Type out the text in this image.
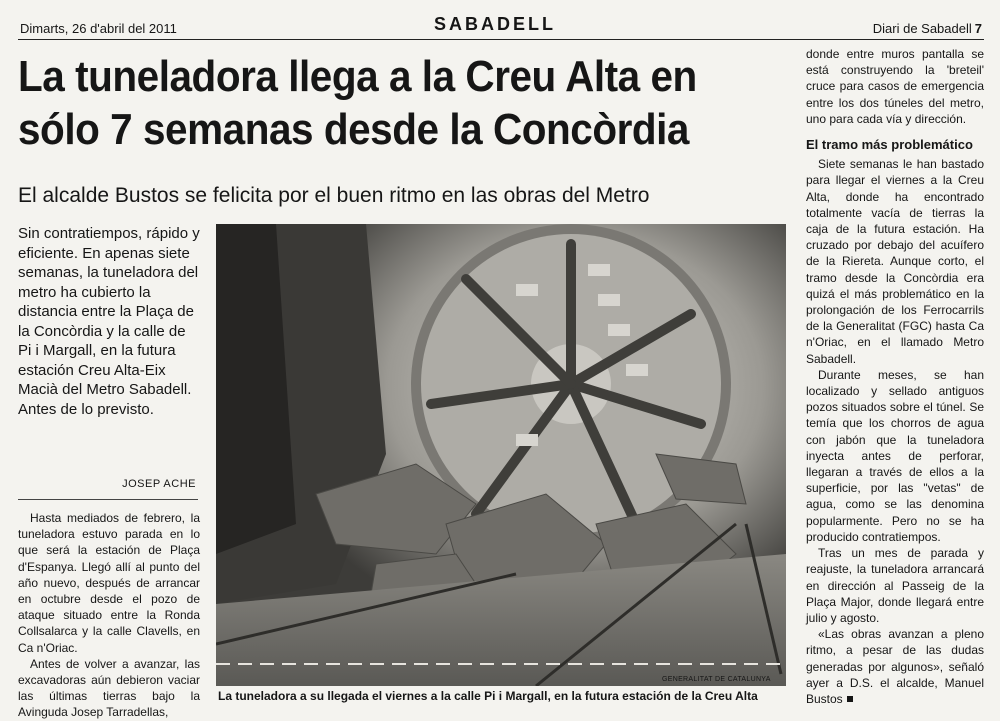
Dimarts, 26 d'abril del 2011	SABADELL	Diari de Sabadell 7
La tuneladora llega a la Creu Alta en
sólo 7 semanas desde la Concòrdia
El alcalde Bustos se felicita por el buen ritmo en las obras del Metro
Sin contratiempos, rápido y eficiente. En apenas siete semanas, la tuneladora del metro ha cubierto la distancia entre la Plaça de la Concòrdia y la calle de Pi i Margall, en la futura estación Creu Alta-Eix Macià del Metro Sabadell. Antes de lo previsto.
JOSEP ACHE

Hasta mediados de febrero, la tuneladora estuvo parada en lo que será la estación de Plaça d'Espanya. Llegó allí al punto del año nuevo, después de arrancar en octubre desde el pozo de ataque situado entre la Ronda Collsalarca y la calle Clavells, en Ca n'Oriac.

Antes de volver a avanzar, las excavadoras aún debieron vaciar las últimas tierras bajo la Avinguda Josep Tarradellas,

GENERALITAT DE CATALUNYA
La tuneladora a su llegada el viernes a la calle Pi i Margall, en la futura estación de la Creu Alta

donde entre muros pantalla se está construyendo la 'breteil' cruce para casos de emergencia entre los dos túneles del metro, uno para cada vía y dirección.

El tramo más problemático

Siete semanas le han bastado para llegar el viernes a la Creu Alta, donde ha encontrado totalmente vacía de tierras la caja de la futura estación. Ha cruzado por debajo del acuífero de la Riereta. Aunque corto, el tramo desde la Concòrdia era quizá el más problemático en la prolongación de los Ferrocarrils de la Generalitat (FGC) hasta Ca n'Oriac, en el llamado Metro Sabadell.

Durante meses, se han localizado y sellado antiguos pozos situados sobre el túnel. Se temía que los chorros de agua con jabón que la tuneladora inyecta antes de perforar, llegaran a través de ellos a la superficie, por las "vetas" de agua, como se las denomina popularmente. Pero no se ha producido contratiempos.

Tras un mes de parada y reajuste, la tuneladora arrancará en dirección al Passeig de la Plaça Major, donde llegará entre julio y agosto.

«Las obras avanzan a pleno ritmo, a pesar de las dudas generadas por algunos», señaló ayer a D.S. el alcalde, Manuel Bustos
